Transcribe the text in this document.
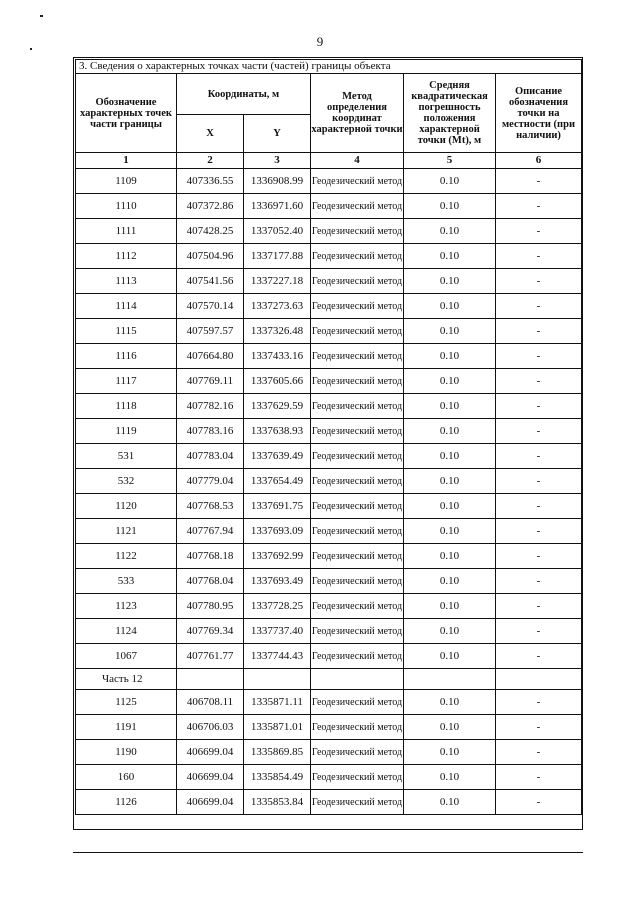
9
3. Сведения о характерных точках части (частей) границы объекта					
Обозначение характерных точек части границы	Координаты, м		Метод определения координат характерной точки	Средняя квадратическая погрешность положения характерной точки (Mt), м	Описание обозначения точки на местности (при наличии)
	X	Y			
1	2	3	4	5	6
1109	407336.55	1336908.99	Геодезический метод	0.10	-
1110	407372.86	1336971.60	Геодезический метод	0.10	-
1111	407428.25	1337052.40	Геодезический метод	0.10	-
1112	407504.96	1337177.88	Геодезический метод	0.10	-
1113	407541.56	1337227.18	Геодезический метод	0.10	-
1114	407570.14	1337273.63	Геодезический метод	0.10	-
1115	407597.57	1337326.48	Геодезический метод	0.10	-
1116	407664.80	1337433.16	Геодезический метод	0.10	-
1117	407769.11	1337605.66	Геодезический метод	0.10	-
1118	407782.16	1337629.59	Геодезический метод	0.10	-
1119	407783.16	1337638.93	Геодезический метод	0.10	-
531	407783.04	1337639.49	Геодезический метод	0.10	-
532	407779.04	1337654.49	Геодезический метод	0.10	-
1120	407768.53	1337691.75	Геодезический метод	0.10	-
1121	407767.94	1337693.09	Геодезический метод	0.10	-
1122	407768.18	1337692.99	Геодезический метод	0.10	-
533	407768.04	1337693.49	Геодезический метод	0.10	-
1123	407780.95	1337728.25	Геодезический метод	0.10	-
1124	407769.34	1337737.40	Геодезический метод	0.10	-
1067	407761.77	1337744.43	Геодезический метод	0.10	-
Часть 12					
1125	406708.11	1335871.11	Геодезический метод	0.10	-
1191	406706.03	1335871.01	Геодезический метод	0.10	-
1190	406699.04	1335869.85	Геодезический метод	0.10	-
160	406699.04	1335854.49	Геодезический метод	0.10	-
1126	406699.04	1335853.84	Геодезический метод	0.10	-
